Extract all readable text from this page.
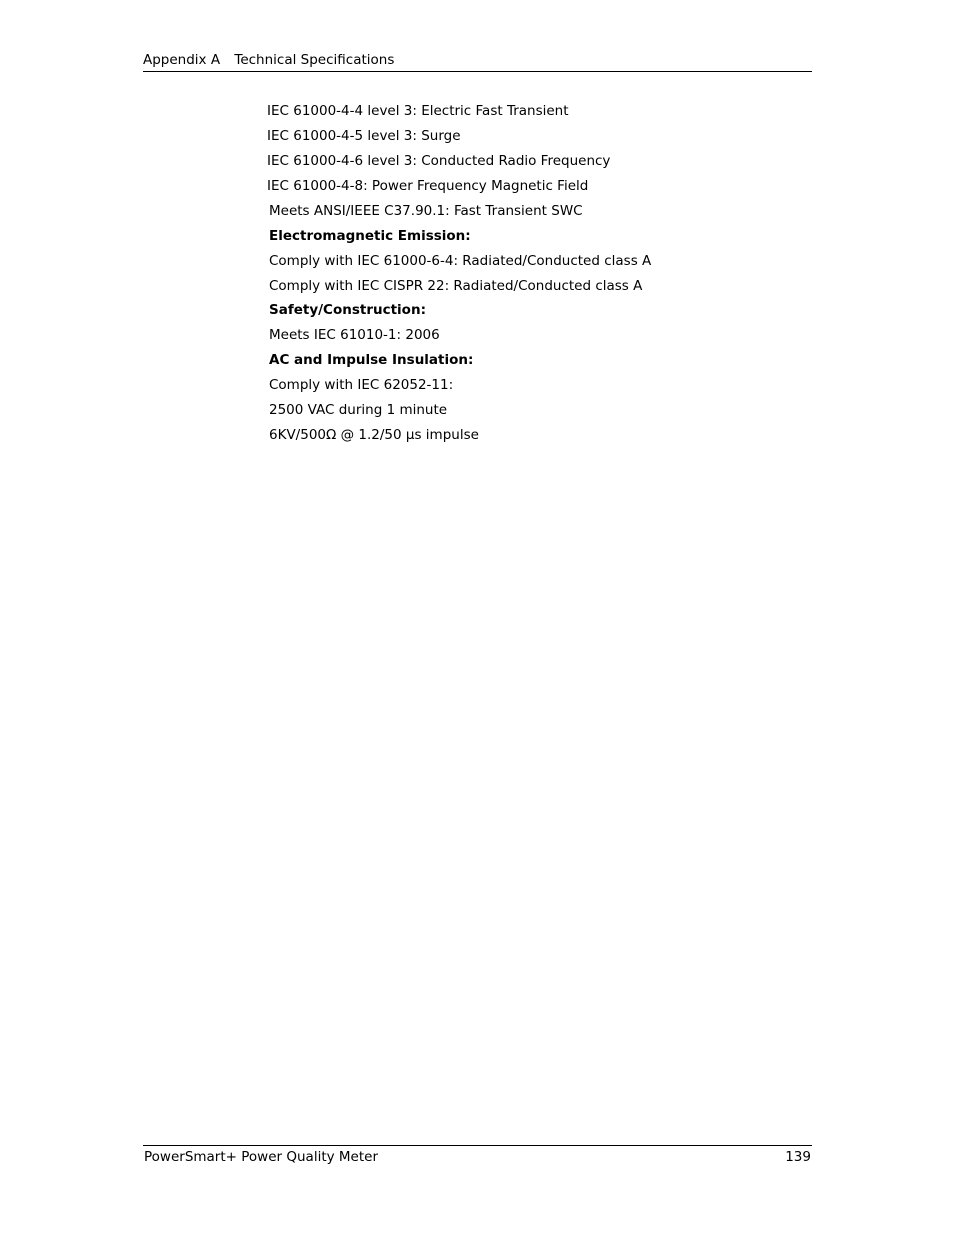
Appendix A Technical Specifications
IEC 61000-4-4 level 3: Electric Fast Transient
IEC 61000-4-5 level 3: Surge
IEC 61000-4-6 level 3: Conducted Radio Frequency
IEC 61000-4-8: Power Frequency Magnetic Field
Meets ANSI/IEEE C37.90.1: Fast Transient SWC
Electromagnetic Emission:
Comply with IEC 61000-6-4: Radiated/Conducted class A
Comply with IEC CISPR 22: Radiated/Conducted class A
Safety/Construction:
Meets IEC 61010-1: 2006
AC and Impulse Insulation:
Comply with IEC 62052-11:
2500 VAC during 1 minute
6KV/500Ω @ 1.2/50 μs impulse
PowerSmart+ Power Quality Meter	139
